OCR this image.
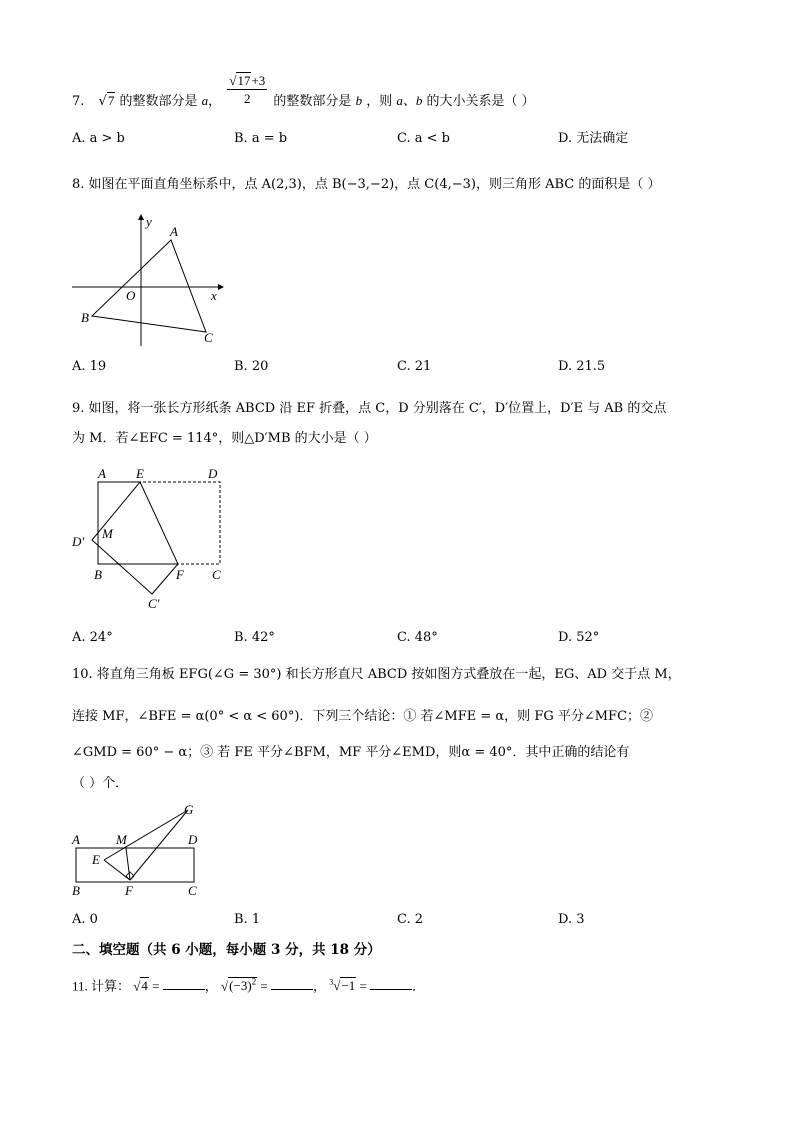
7. √7 的整数部分是 a， $\frac{√17+3}{2}$ 的整数部分是 b ，则 a、b 的大小关系是（ ）
A. a > b	B. a = b	C. a < b	D. 无法确定
8. 如图在平面直角坐标系中，点 A(2,3)，点 B(−3,−2)，点 C(4,−3)，则三角形 ABC 的面积是（ ）
y
x
O
A
B
C
A. 19	B. 20	C. 21	D. 21.5
9. 如图，将一张长方形纸条 ABCD 沿 EF 折叠，点 C，D 分别落在 C′，D′位置上，D′E 与 AB 的交点
为 M．若∠EFC = 114°，则△D′MB 的大小是（ ）
A E	D
M
D′
B	F C
C′
A. 24°	B. 42°	C. 48°	D. 52°
10. 将直角三角板 EFG(∠G = 30°) 和长方形直尺 ABCD 按如图方式叠放在一起，EG、AD 交于点 M，
连接 MF，∠BFE = α(0° < α < 60°)．下列三个结论：① 若∠MFE = α，则 FG 平分∠MFC；②
∠GMD = 60° − α；③ 若 FE 平分∠BFM，MF 平分∠EMD，则α = 40°．其中正确的结论有
（ ）个．
G
A	M	D
E
B	F	C
A. 0	B. 1	C. 2	D. 3
二、填空题（共 6 小题，每小题 3 分，共 18 分）
11. 计算： √4 =	， $√(-3)^2$ =	， $^3$√−1 =	．
